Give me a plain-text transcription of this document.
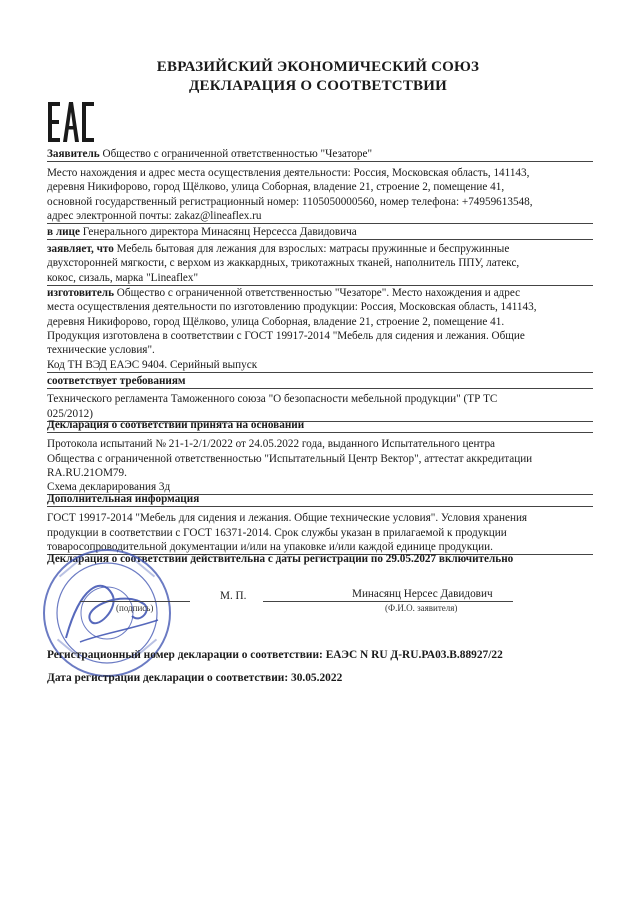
ЕВРАЗИЙСКИЙ ЭКОНОМИЧЕСКИЙ СОЮЗ
ДЕКЛАРАЦИЯ О СООТВЕТСТВИИ

Заявитель Общество с ограниченной ответственностью "Чезаторе"

Место нахождения и адрес места осуществления деятельности: Россия, Московская область, 141143,

деревня Никифорово, город Щёлково, улица Соборная, владение 21, строение 2, помещение 41,

основной государственный регистрационный номер: 1105050000560, номер телефона: +74959613548,

адрес электронной почты: zakaz@lineaflex.ru

в лице Генерального директора Минасянц Нерсесса Давидовича

заявляет, что Мебель бытовая для лежания для взрослых: матрасы пружинные и беспружинные

двухсторонней мягкости, с верхом из жаккардных, трикотажных тканей, наполнитель ППУ, латекс,

кокос, сизаль, марка "Lineaflex"

изготовитель Общество с ограниченной ответственностью "Чезаторе". Место нахождения и адрес

места осуществления деятельности по изготовлению продукции: Россия, Московская область, 141143,

деревня Никифорово, город Щёлково, улица Соборная, владение 21, строение 2, помещение 41.

Продукция изготовлена в соответствии с ГОСТ 19917-2014 "Мебель для сидения и лежания. Общие

технические условия".

Код ТН ВЭД ЕАЭС 9404. Серийный выпуск

соответствует требованиям

Технического регламента Таможенного союза "О безопасности мебельной продукции" (ТР ТС

025/2012)

Декларация о соответствии принята на основании

Протокола испытаний № 21-1-2/1/2022 от 24.05.2022 года, выданного Испытательного центра

Общества с ограниченной ответственностью "Испытательный Центр Вектор", аттестат аккредитации

RA.RU.21OM79.

Схема декларирования 3д

Дополнительная информация

ГОСТ 19917-2014 "Мебель для сидения и лежания. Общие технические условия". Условия хранения

продукции в соответствии с ГОСТ 16371-2014. Срок службы указан в прилагаемой к продукции

товаросопроводительной документации и/или на упаковке и/или каждой единице продукции.

Декларация о соответствии действительна с даты регистрации по 29.05.2027 включительно

(подпись)
М. П.	Минасянц Нерсес Давидович
(Ф.И.О. заявителя)

Регистрационный номер декларации о соответствии: ЕАЭС N RU Д-RU.РА03.В.88927/22

Дата регистрации декларации о соответствии: 30.05.2022
